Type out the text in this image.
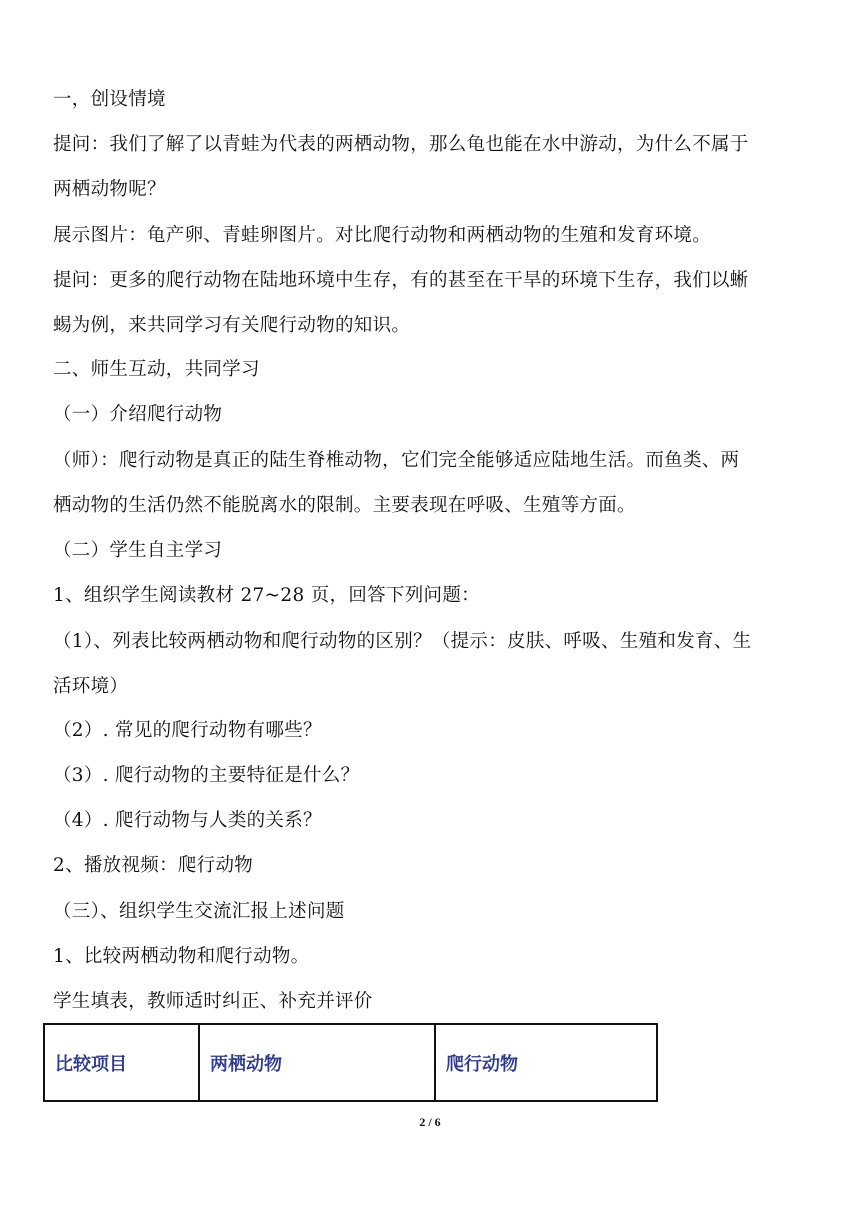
一，创设情境
提问：我们了解了以青蛙为代表的两栖动物，那么龟也能在水中游动，为什么不属于
两栖动物呢？
展示图片：龟产卵、青蛙卵图片。对比爬行动物和两栖动物的生殖和发育环境。
提问：更多的爬行动物在陆地环境中生存，有的甚至在干旱的环境下生存，我们以蜥
蜴为例，来共同学习有关爬行动物的知识。
二、师生互动，共同学习
（一）介绍爬行动物
（师）：爬行动物是真正的陆生脊椎动物，它们完全能够适应陆地生活。而鱼类、两
栖动物的生活仍然不能脱离水的限制。主要表现在呼吸、生殖等方面。
（二）学生自主学习
1、组织学生阅读教材 27~28 页，回答下列问题：
（1）、列表比较两栖动物和爬行动物的区别？（提示：皮肤、呼吸、生殖和发育、生
活环境）
（2）. 常见的爬行动物有哪些？
（3）. 爬行动物的主要特征是什么？
（4）. 爬行动物与人类的关系？
2、播放视频：爬行动物
（三）、组织学生交流汇报上述问题
1、比较两栖动物和爬行动物。
学生填表，教师适时纠正、补充并评价
比较项目	两栖动物	爬行动物
2 / 6
